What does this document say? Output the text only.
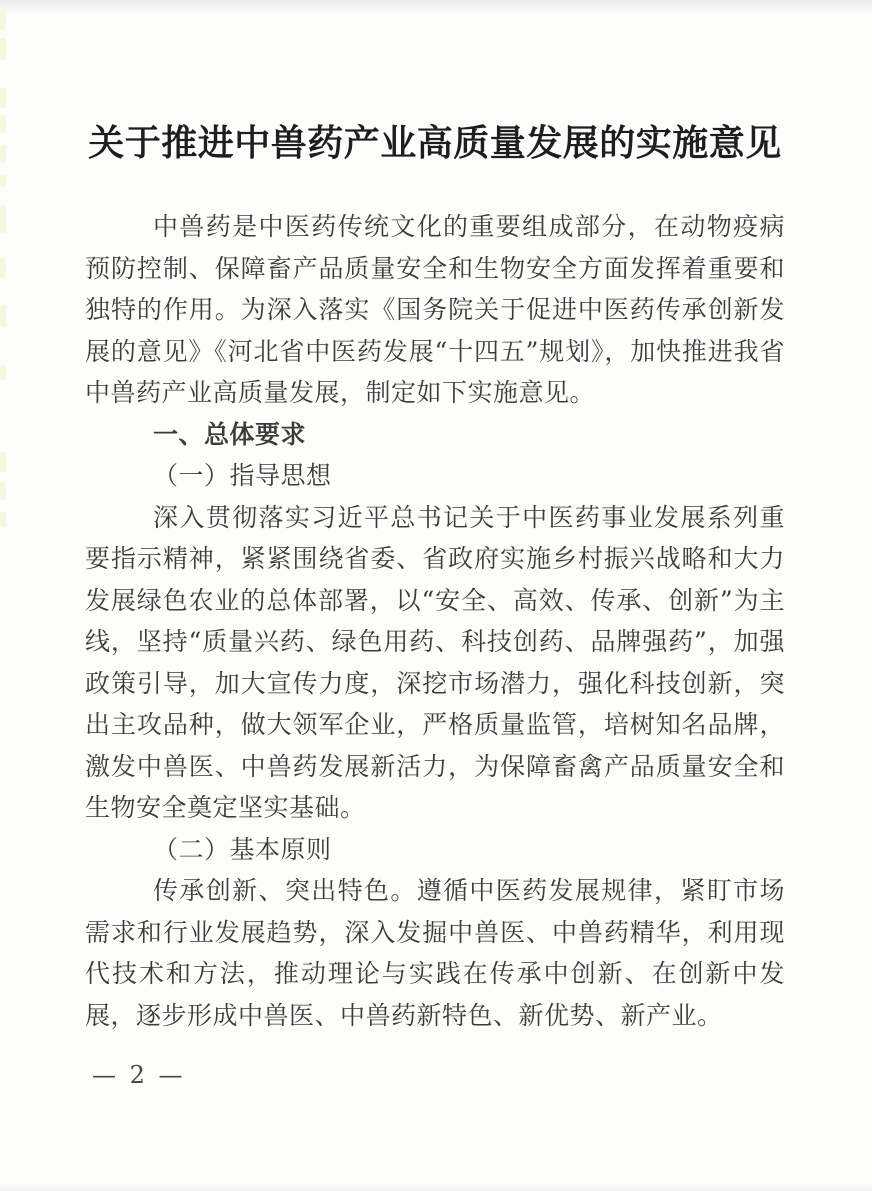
关于推进中兽药产业高质量发展的实施意见

中兽药是中医药传统文化的重要组成部分，在动物疫病预防控制、保障畜产品质量安全和生物安全方面发挥着重要和独特的作用。为深入落实《国务院关于促进中医药传承创新发展的意见》《河北省中医药发展“十四五”规划》，加快推进我省中兽药产业高质量发展，制定如下实施意见。

一、总体要求

（一）指导思想

深入贯彻落实习近平总书记关于中医药事业发展系列重要指示精神，紧紧围绕省委、省政府实施乡村振兴战略和大力发展绿色农业的总体部署，以“安全、高效、传承、创新”为主线，坚持“质量兴药、绿色用药、科技创药、品牌强药”，加强政策引导，加大宣传力度，深挖市场潜力，强化科技创新，突出主攻品种，做大领军企业，严格质量监管，培树知名品牌，激发中兽医、中兽药发展新活力，为保障畜禽产品质量安全和生物安全奠定坚实基础。

（二）基本原则

传承创新、突出特色。遵循中医药发展规律，紧盯市场需求和行业发展趋势，深入发掘中兽医、中兽药精华，利用现代技术和方法，推动理论与实践在传承中创新、在创新中发展，逐步形成中兽医、中兽药新特色、新优势、新产业。

— 2 —
